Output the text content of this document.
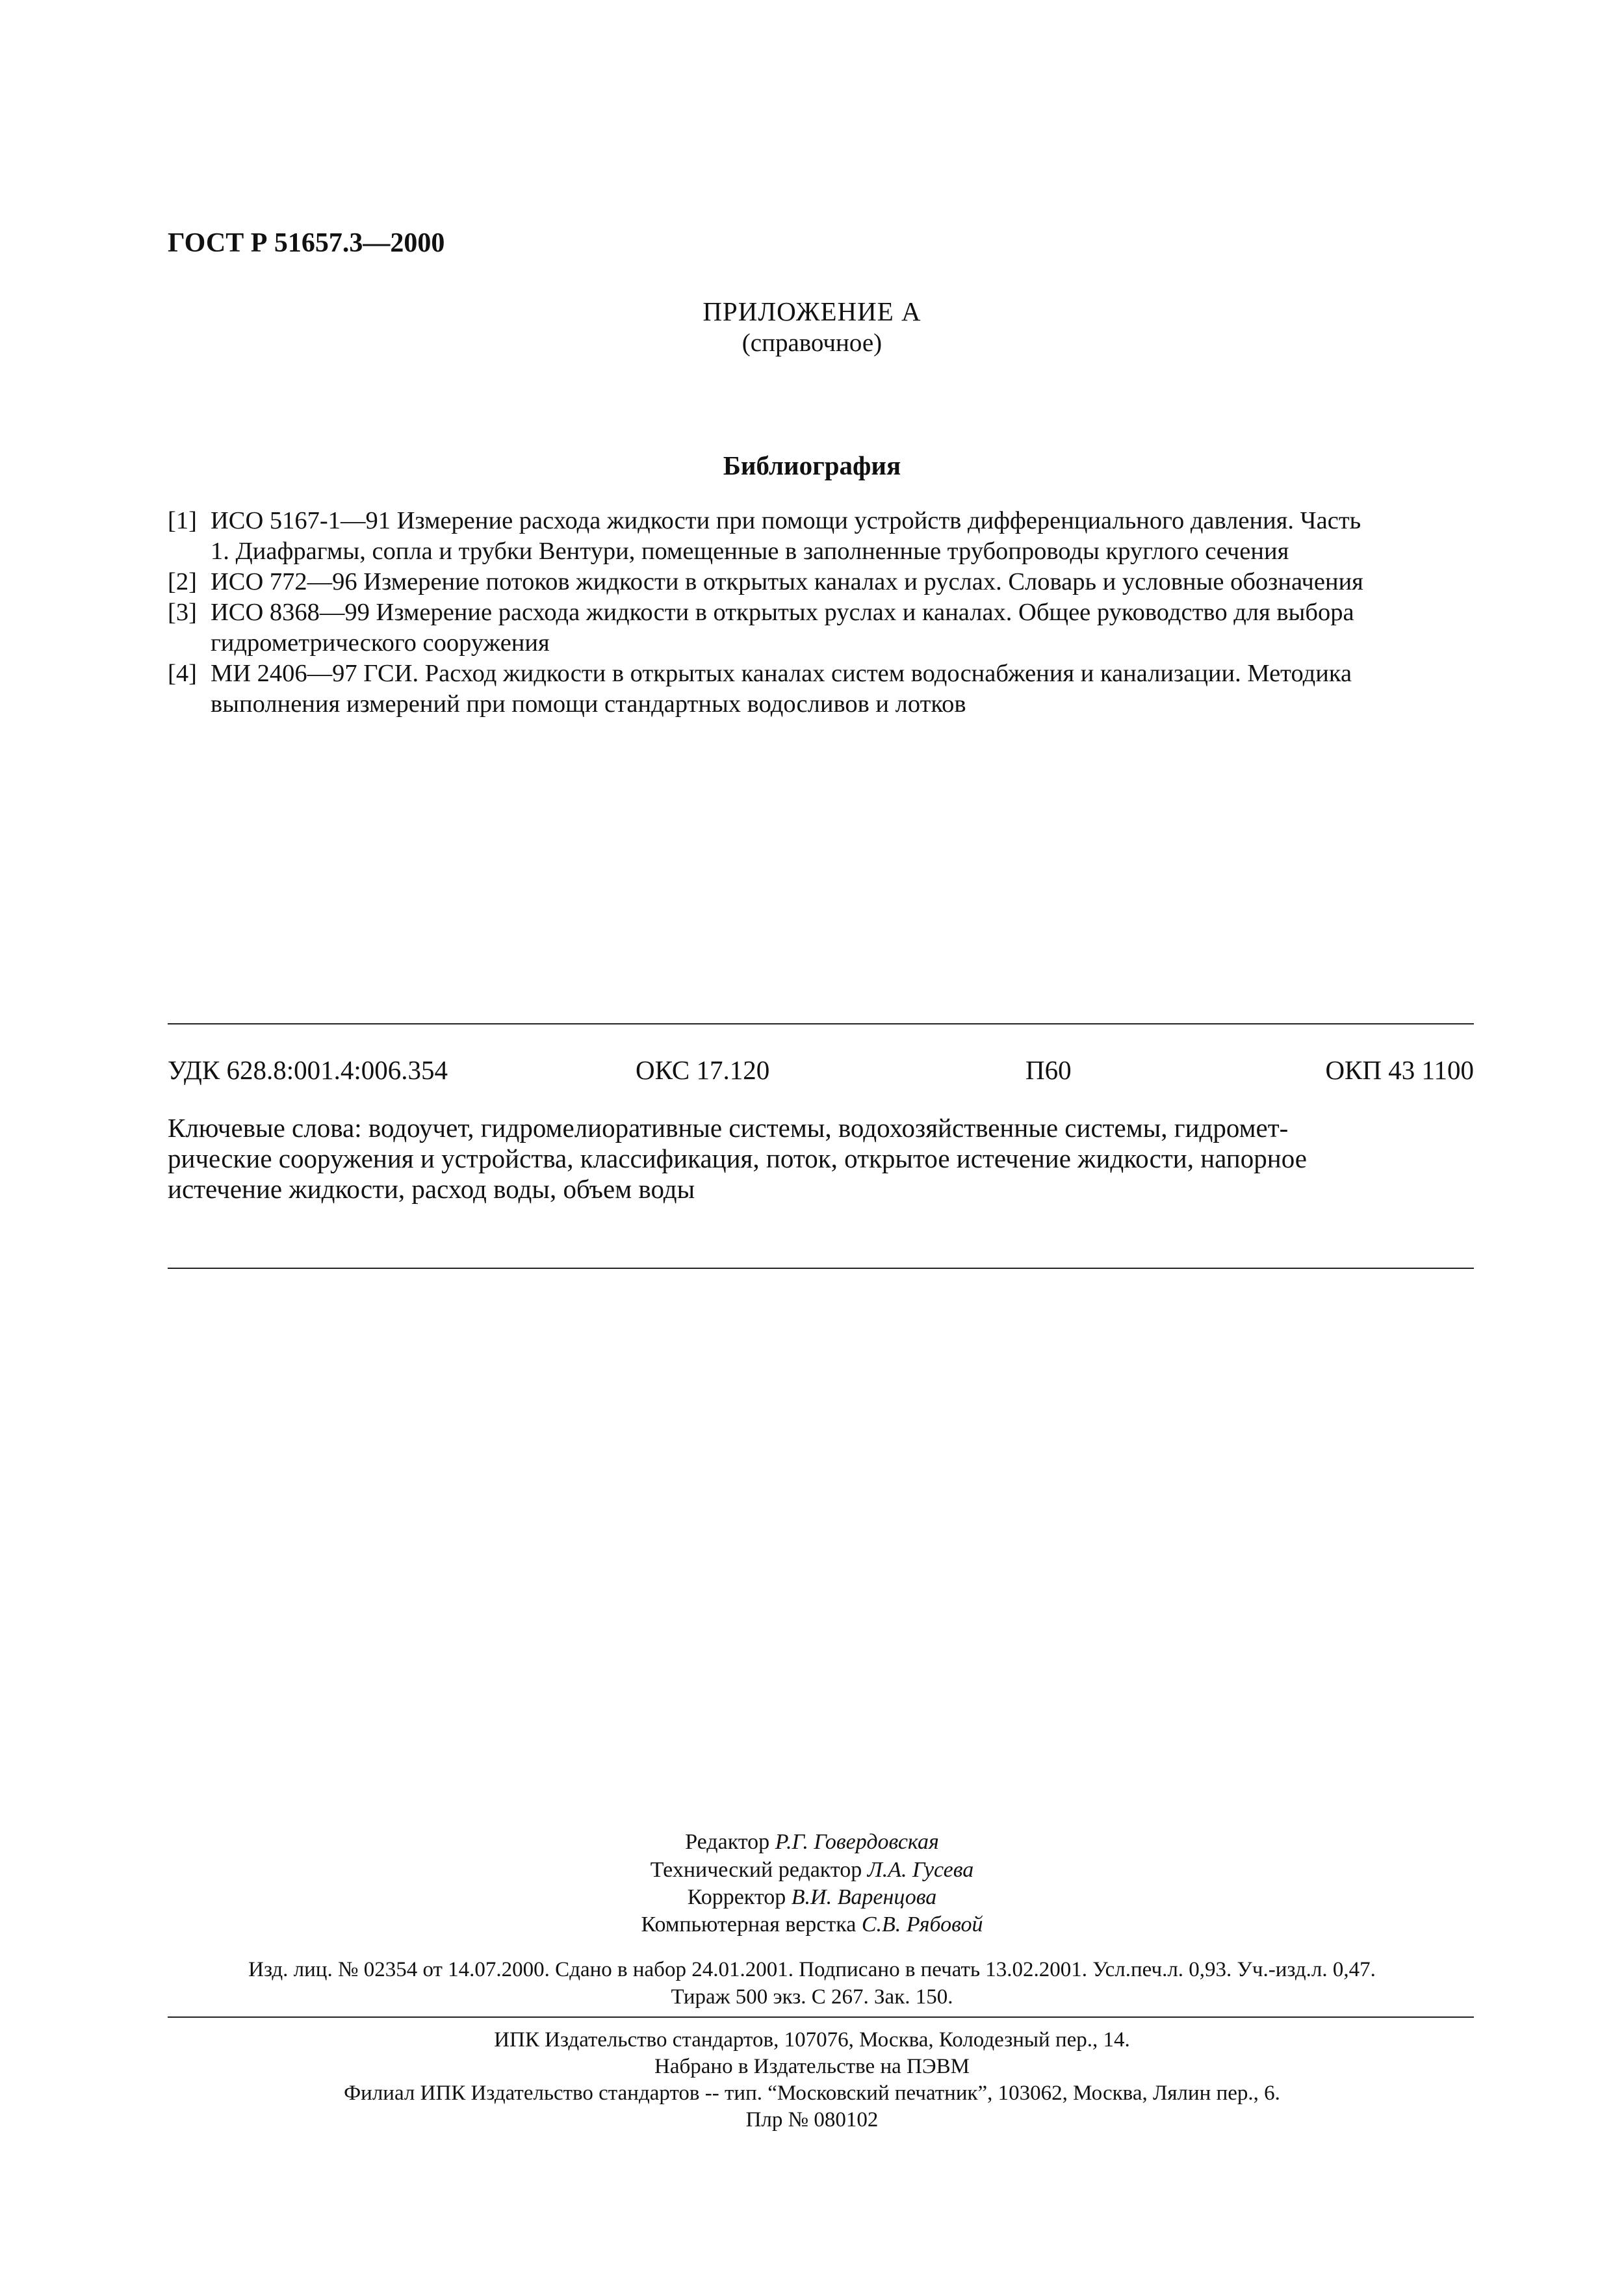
ГОСТ Р 51657.3—2000
ПРИЛОЖЕНИЕ А
(справочное)
Библиография
[1] ИСО 5167-1—91 Измерение расхода жидкости при помощи устройств дифференциального давления. Часть
1. Диафрагмы, сопла и трубки Вентури, помещенные в заполненные трубопроводы круглого сечения
[2] ИСО 772—96 Измерение потоков жидкости в открытых каналах и руслах. Словарь и условные обозначения
[3] ИСО 8368—99 Измерение расхода жидкости в открытых руслах и каналах. Общее руководство для выбора
гидрометрического сооружения
[4] МИ 2406—97 ГСИ. Расход жидкости в открытых каналах систем водоснабжения и канализации. Методика
выполнения измерений при помощи стандартных водосливов и лотков
УДК 628.8:001.4:006.354	ОКС 17.120	П60	ОКП 43 1100
Ключевые слова: водоучет, гидромелиоративные системы, водохозяйственные системы, гидромет-
рические сооружения и устройства, классификация, поток, открытое истечение жидкости, напорное
истечение жидкости, расход воды, объем воды
Редактор Р.Г. Говердовская
Технический редактор Л.А. Гусева
Корректор В.И. Варенцова
Компьютерная верстка С.В. Рябовой
Изд. лиц. № 02354 от 14.07.2000. Сдано в набор 24.01.2001. Подписано в печать 13.02.2001. Усл.печ.л. 0,93. Уч.-изд.л. 0,47.
Тираж 500 экз. С 267. Зак. 150.
ИПК Издательство стандартов, 107076, Москва, Колодезный пер., 14.
Набрано в Издательстве на ПЭВМ
Филиал ИПК Издательство стандартов -- тип. “Московский печатник”, 103062, Москва, Лялин пер., 6.
Плр № 080102
